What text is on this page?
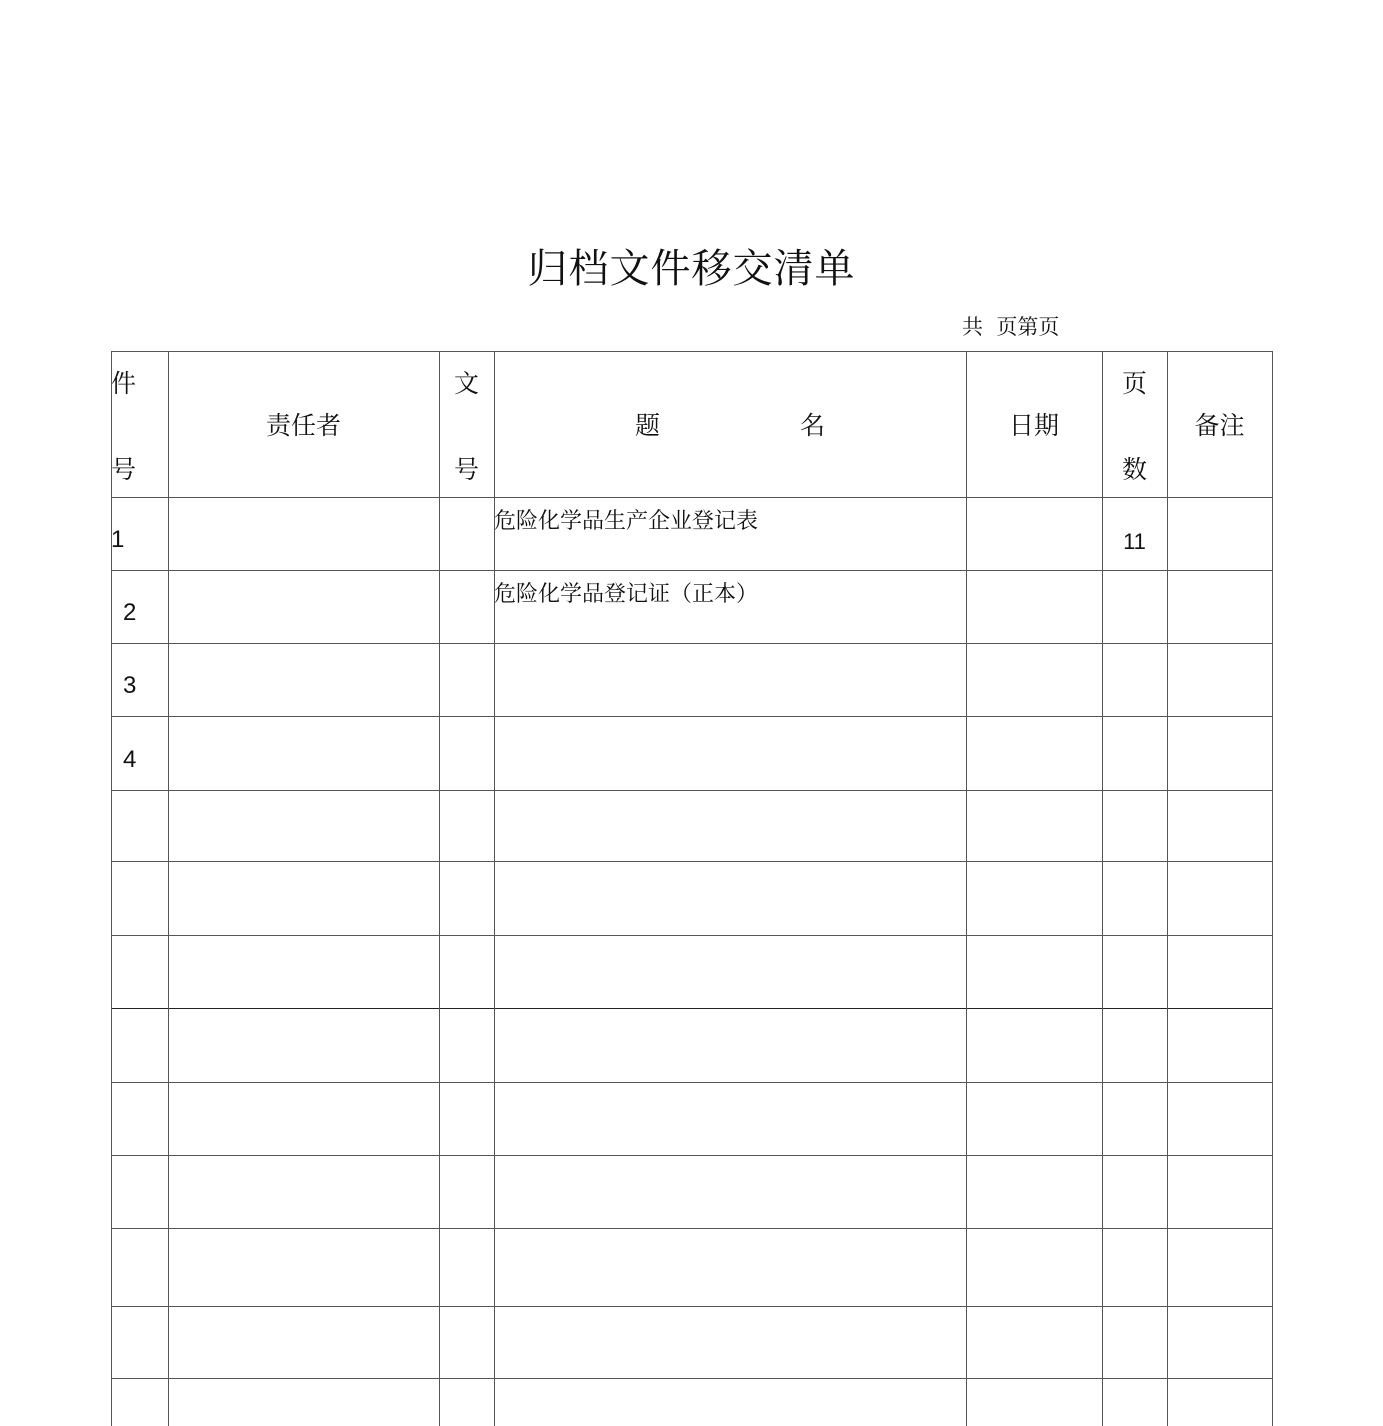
归档文件移交清单
共  页第页
件
号
责任者
文
号
题	名	日期
页
数
备注
1
危险化学品生产企业登记表
11
2
危险化学品登记证（正本）
3
4
